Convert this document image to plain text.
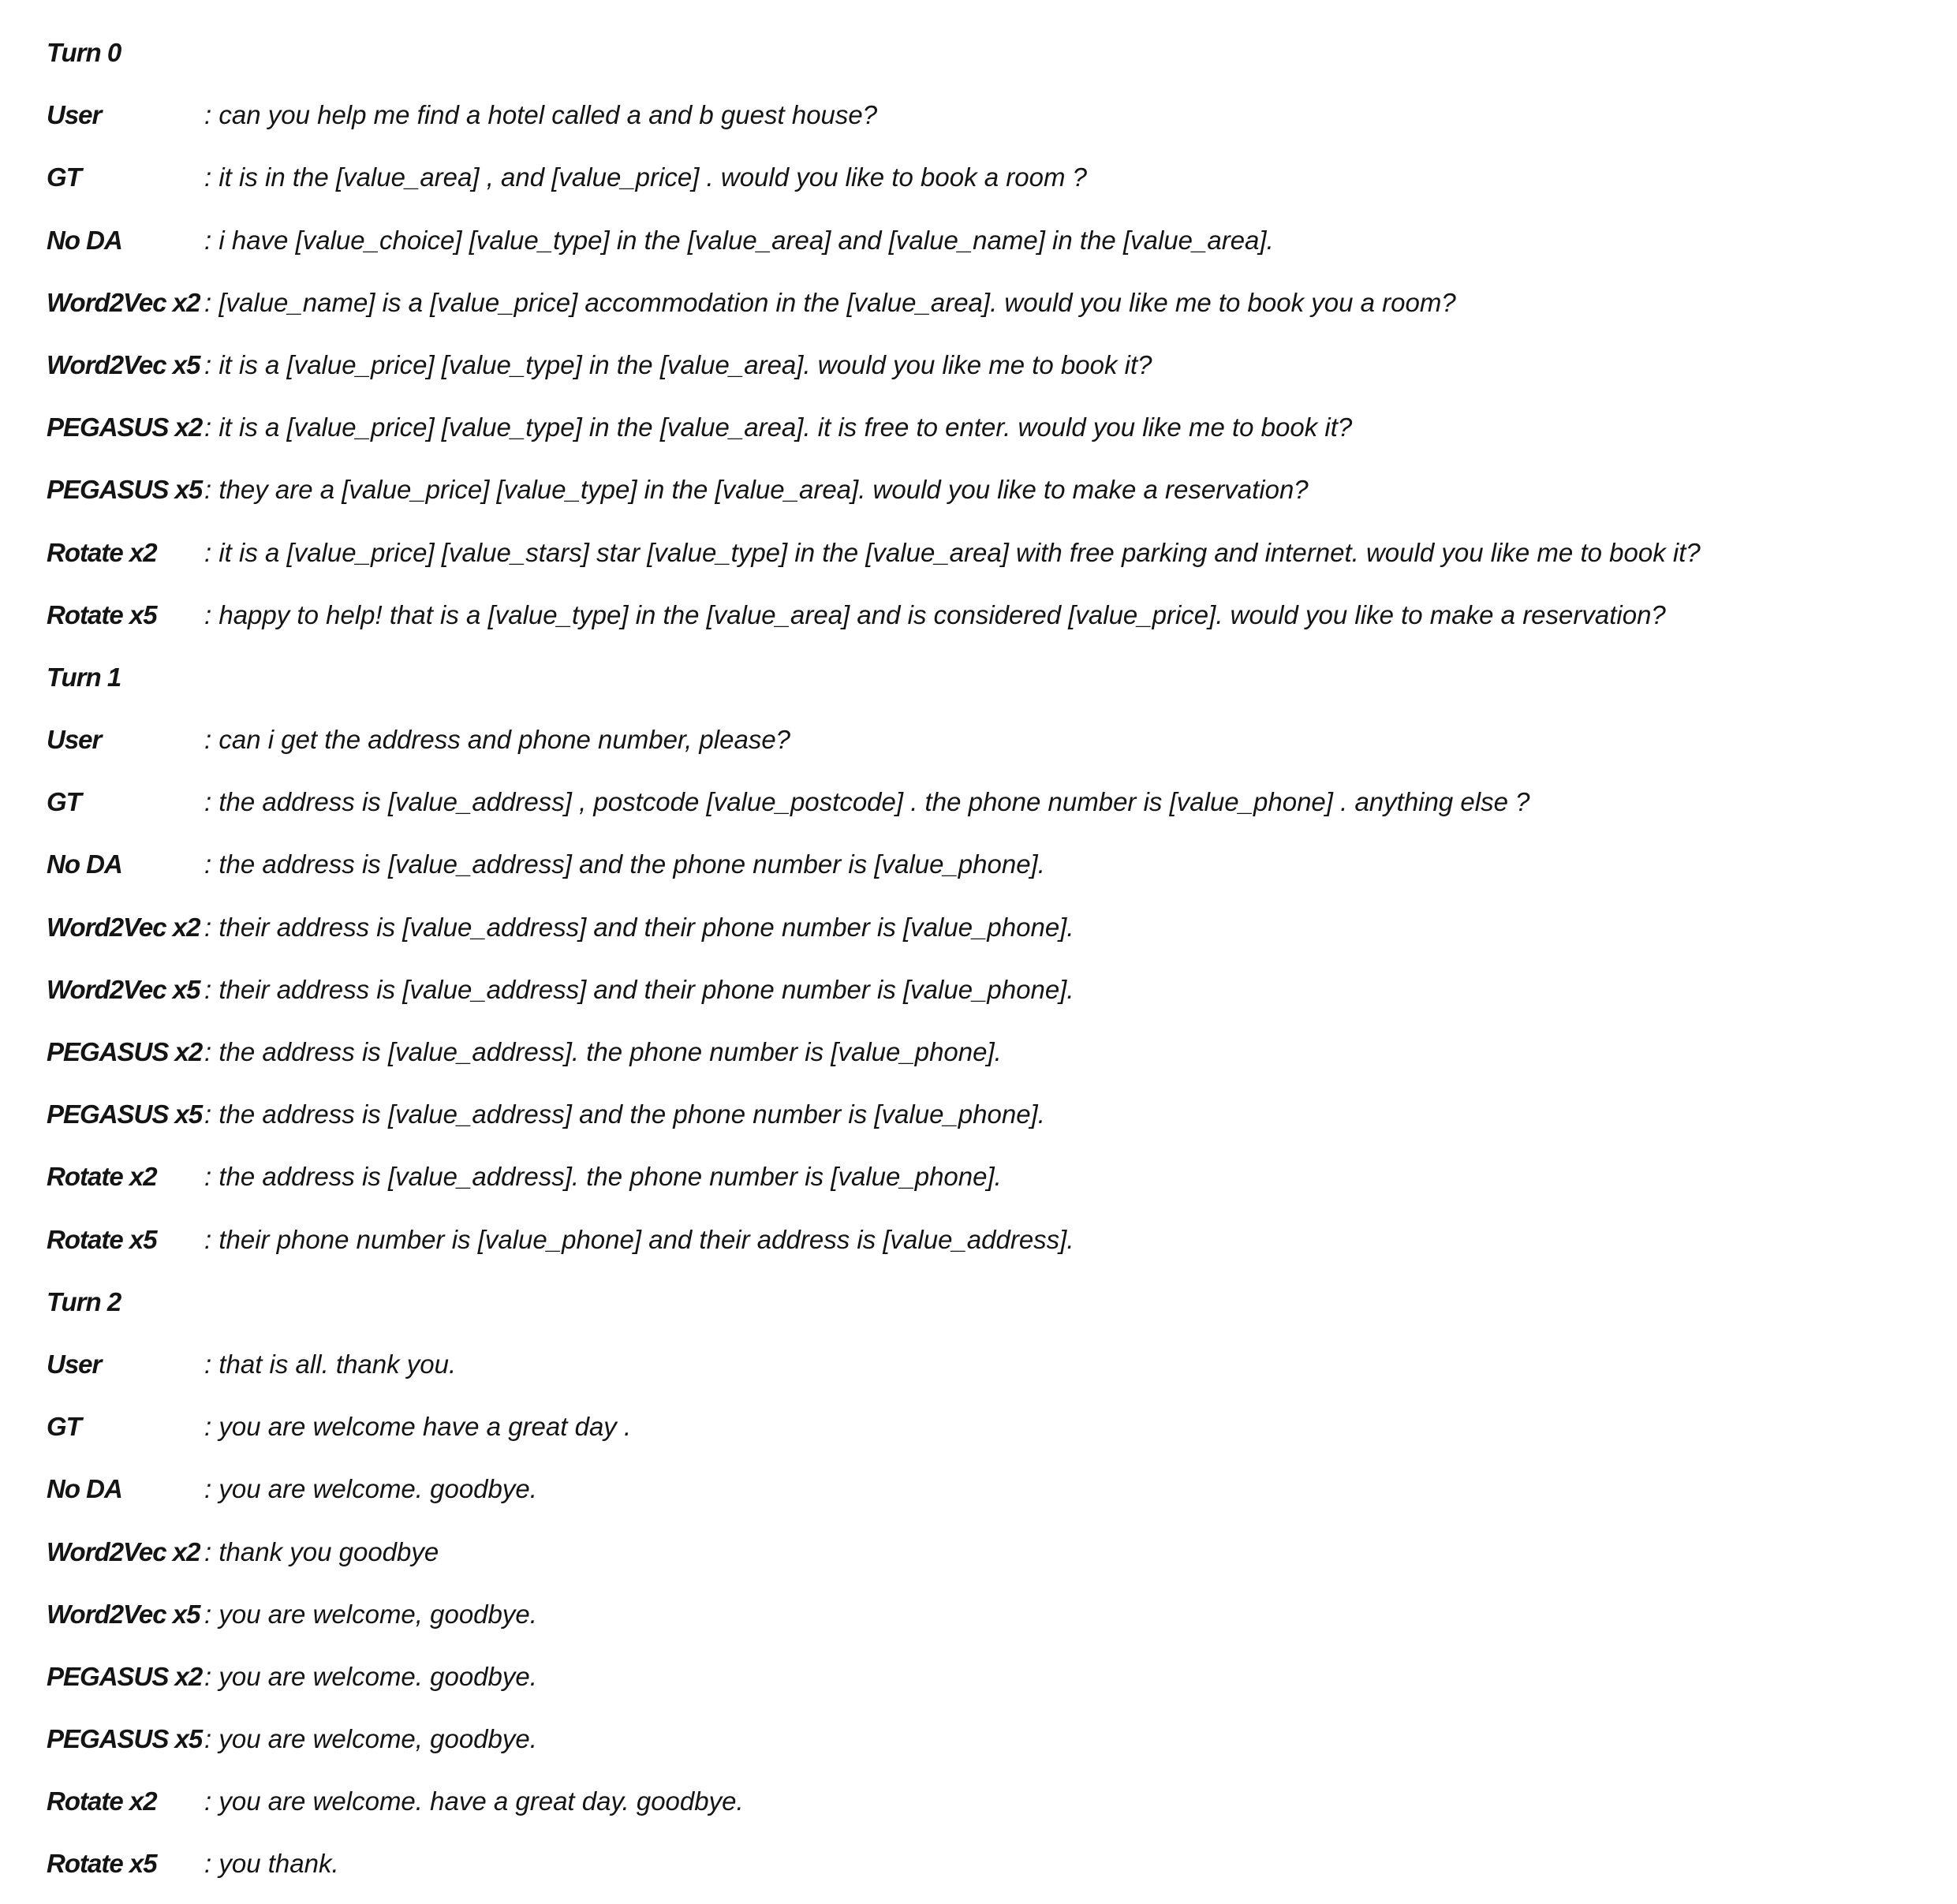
Turn 0
User	: can you help me find a hotel called a and b guest house?
GT	: it is in the [value_area] , and [value_price] . would you like to book a room ?
No DA	: i have [value_choice] [value_type] in the [value_area] and [value_name] in the [value_area].
Word2Vec x2 : [value_name] is a [value_price] accommodation in the [value_area]. would you like me to book you a room?
Word2Vec x5 : it is a [value_price] [value_type] in the [value_area]. would you like me to book it?
PEGASUS x2 : it is a [value_price] [value_type] in the [value_area]. it is free to enter. would you like me to book it?
PEGASUS x5 : they are a [value_price] [value_type] in the [value_area]. would you like to make a reservation?
Rotate x2 : it is a [value_price] [value_stars] star [value_type] in the [value_area] with free parking and internet. would you like me to book it?
Rotate x5 : happy to help! that is a [value_type] in the [value_area] and is considered [value_price]. would you like to make a reservation?
Turn 1
User	: can i get the address and phone number, please?
GT	: the address is [value_address] , postcode [value_postcode] . the phone number is [value_phone] . anything else ?
No DA	: the address is [value_address] and the phone number is [value_phone].
Word2Vec x2 : their address is [value_address] and their phone number is [value_phone].
Word2Vec x5 : their address is [value_address] and their phone number is [value_phone].
PEGASUS x2 : the address is [value_address]. the phone number is [value_phone].
PEGASUS x5 : the address is [value_address] and the phone number is [value_phone].
Rotate x2 : the address is [value_address]. the phone number is [value_phone].
Rotate x5 : their phone number is [value_phone] and their address is [value_address].
Turn 2
User	: that is all. thank you.
GT	: you are welcome have a great day .
No DA	: you are welcome. goodbye.
Word2Vec x2 : thank you goodbye
Word2Vec x5 : you are welcome, goodbye.
PEGASUS x2 : you are welcome. goodbye.
PEGASUS x5 : you are welcome, goodbye.
Rotate x2 : you are welcome. have a great day. goodbye.
Rotate x5 : you thank.
